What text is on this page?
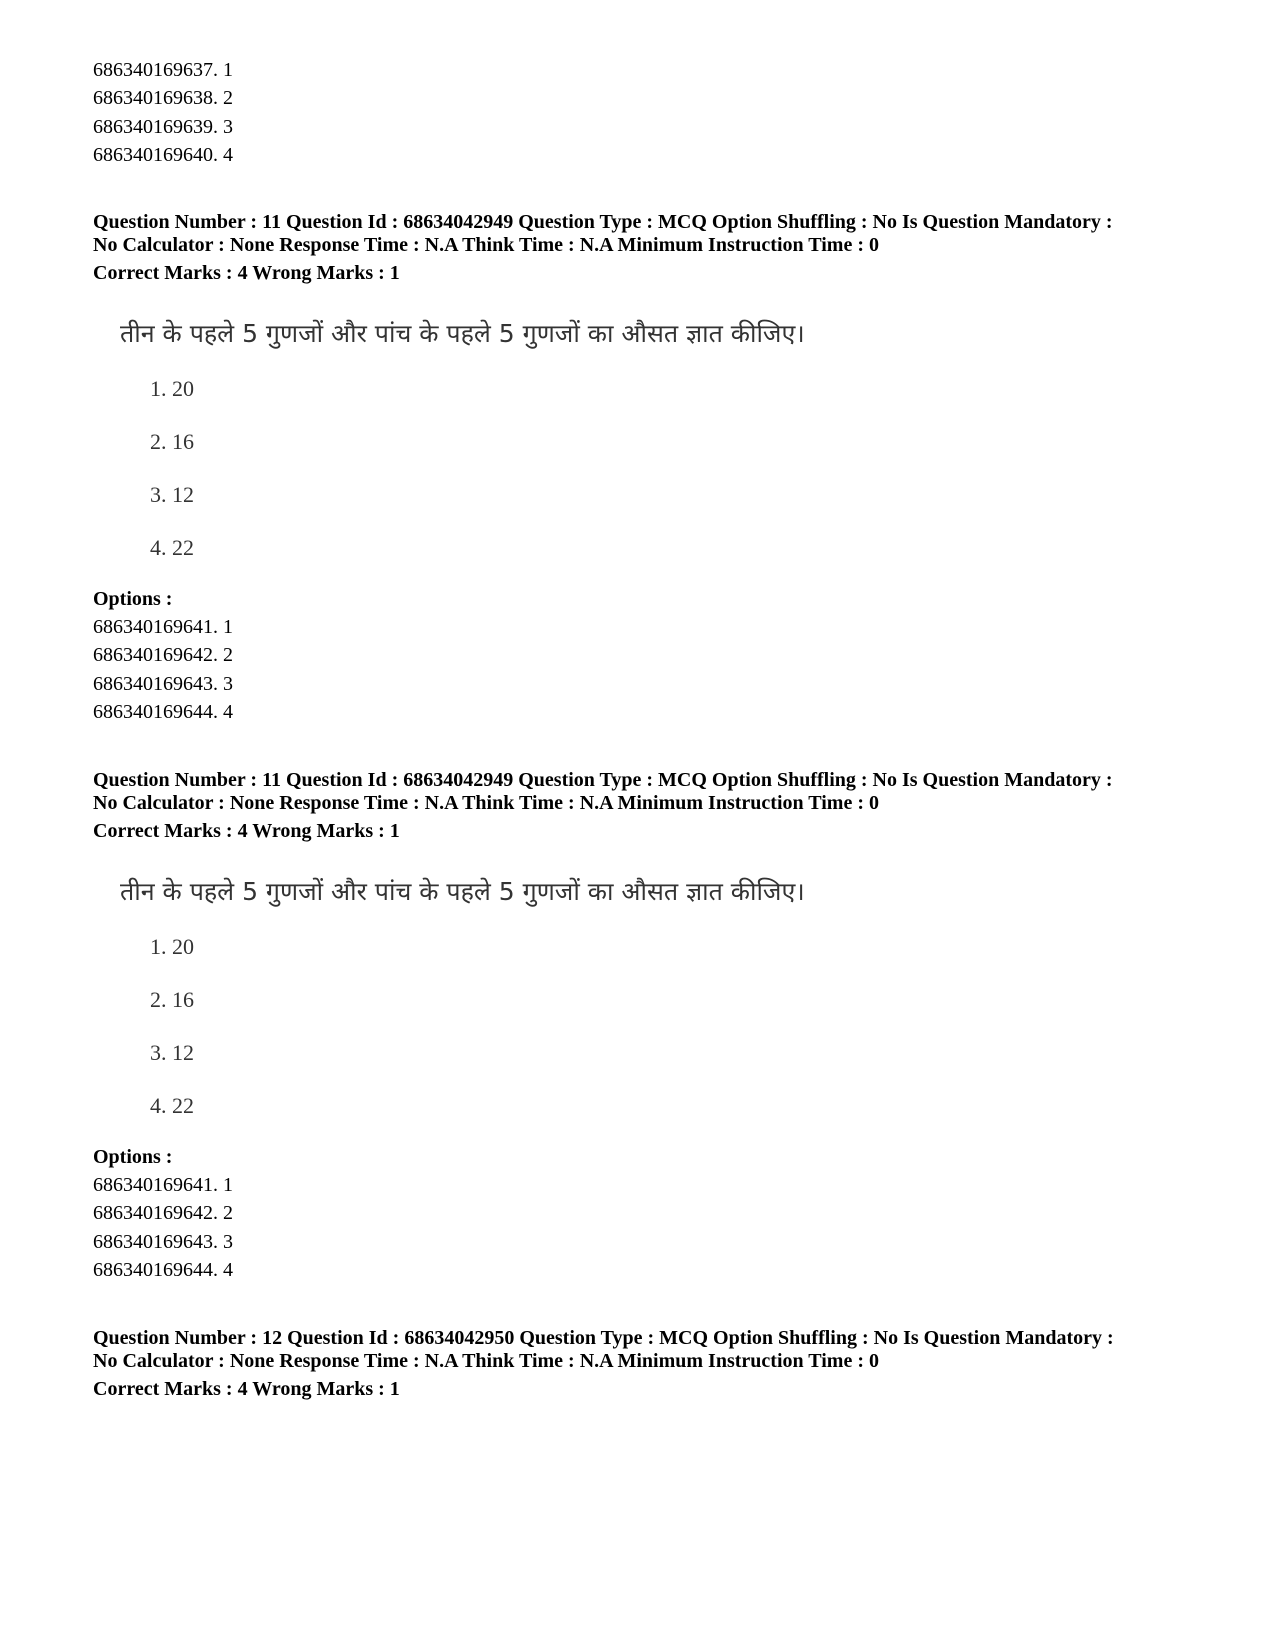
686340169637. 1
686340169638. 2
686340169639. 3
686340169640. 4
Question Number : 11 Question Id : 68634042949 Question Type : MCQ Option Shuffling : No Is Question Mandatory :
No Calculator : None Response Time : N.A Think Time : N.A Minimum Instruction Time : 0
Correct Marks : 4 Wrong Marks : 1
तीन के पहले 5 गुणजों और पांच के पहले 5 गुणजों का औसत ज्ञात कीजिए।
1. 20
2. 16
3. 12
4. 22
Options :
686340169641. 1
686340169642. 2
686340169643. 3
686340169644. 4
Question Number : 11 Question Id : 68634042949 Question Type : MCQ Option Shuffling : No Is Question Mandatory :
No Calculator : None Response Time : N.A Think Time : N.A Minimum Instruction Time : 0
Correct Marks : 4 Wrong Marks : 1
तीन के पहले 5 गुणजों और पांच के पहले 5 गुणजों का औसत ज्ञात कीजिए।
1. 20
2. 16
3. 12
4. 22
Options :
686340169641. 1
686340169642. 2
686340169643. 3
686340169644. 4
Question Number : 12 Question Id : 68634042950 Question Type : MCQ Option Shuffling : No Is Question Mandatory :
No Calculator : None Response Time : N.A Think Time : N.A Minimum Instruction Time : 0
Correct Marks : 4 Wrong Marks : 1
